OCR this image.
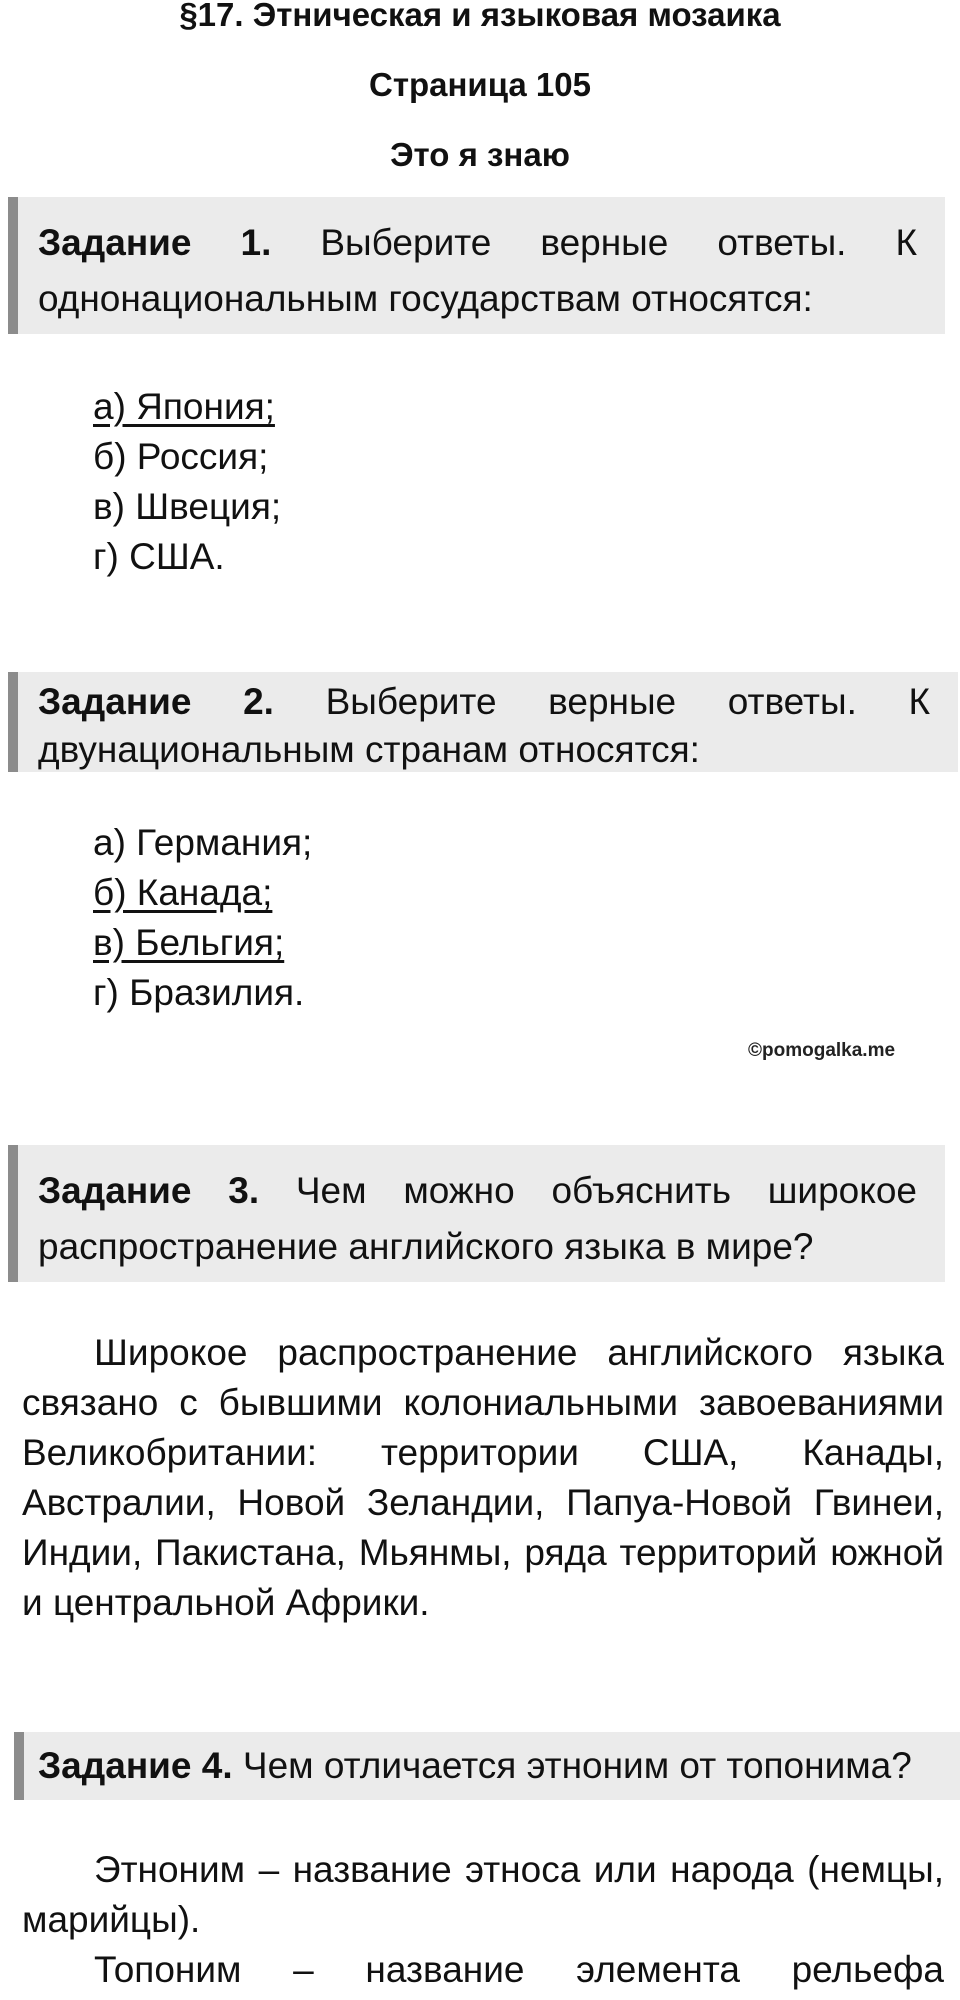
§17. Этническая и языковая мозаика
Страница 105
Это я знаю
Задание 1. Выберите верные ответы. К однонациональным государствам относятся:
а) Япония;
б) Россия;
в) Швеция;
г) США.
Задание 2. Выберите верные ответы. К двунациональным странам относятся:
а) Германия;
б) Канада;
в) Бельгия;
г) Бразилия.
©pomogalka.me
Задание 3. Чем можно объяснить широкое распространение английского языка в мире?

Широкое распространение английского языка связано с бывшими колониальными завоеваниями

Великобритании: территории США, Канады, Австралии, Новой Зеландии, Папуа-Новой Гвинеи, Индии, Пакистана, Мьянмы, ряда территорий южной и центральной Африки.

Задание 4. Чем отличается этноним от топонима?

Этноним – название этноса или народа (немцы, марийцы).

Топоним – название элемента рельефа
